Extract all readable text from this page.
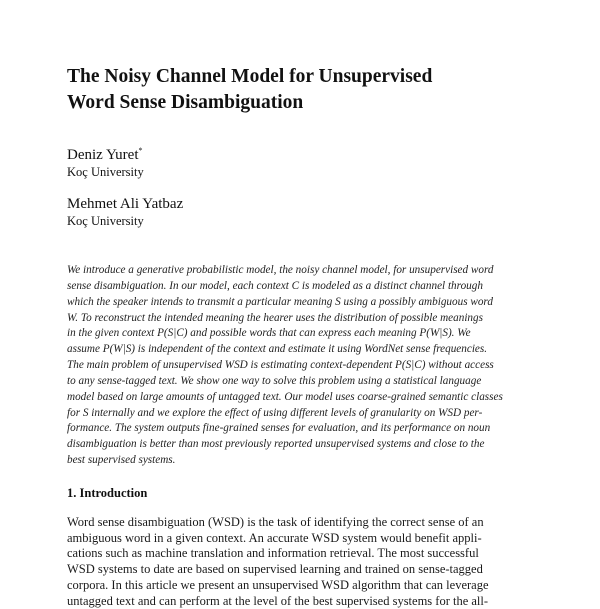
The Noisy Channel Model for Unsupervised
Word Sense Disambiguation
Deniz Yuret*
Koç University
Mehmet Ali Yatbaz
Koç University
We introduce a generative probabilistic model, the noisy channel model, for unsupervised word
sense disambiguation. In our model, each context C is modeled as a distinct channel through
which the speaker intends to transmit a particular meaning S using a possibly ambiguous word
W. To reconstruct the intended meaning the hearer uses the distribution of possible meanings
in the given context P(S|C) and possible words that can express each meaning P(W|S). We
assume P(W|S) is independent of the context and estimate it using WordNet sense frequencies.
The main problem of unsupervised WSD is estimating context-dependent P(S|C) without access
to any sense-tagged text. We show one way to solve this problem using a statistical language
model based on large amounts of untagged text. Our model uses coarse-grained semantic classes
for S internally and we explore the effect of using different levels of granularity on WSD per-
formance. The system outputs fine-grained senses for evaluation, and its performance on noun
disambiguation is better than most previously reported unsupervised systems and close to the
best supervised systems.
1. Introduction
Word sense disambiguation (WSD) is the task of identifying the correct sense of an
ambiguous word in a given context. An accurate WSD system would benefit appli-
cations such as machine translation and information retrieval. The most successful
WSD systems to date are based on supervised learning and trained on sense-tagged
corpora. In this article we present an unsupervised WSD algorithm that can leverage
untagged text and can perform at the level of the best supervised systems for the all-
